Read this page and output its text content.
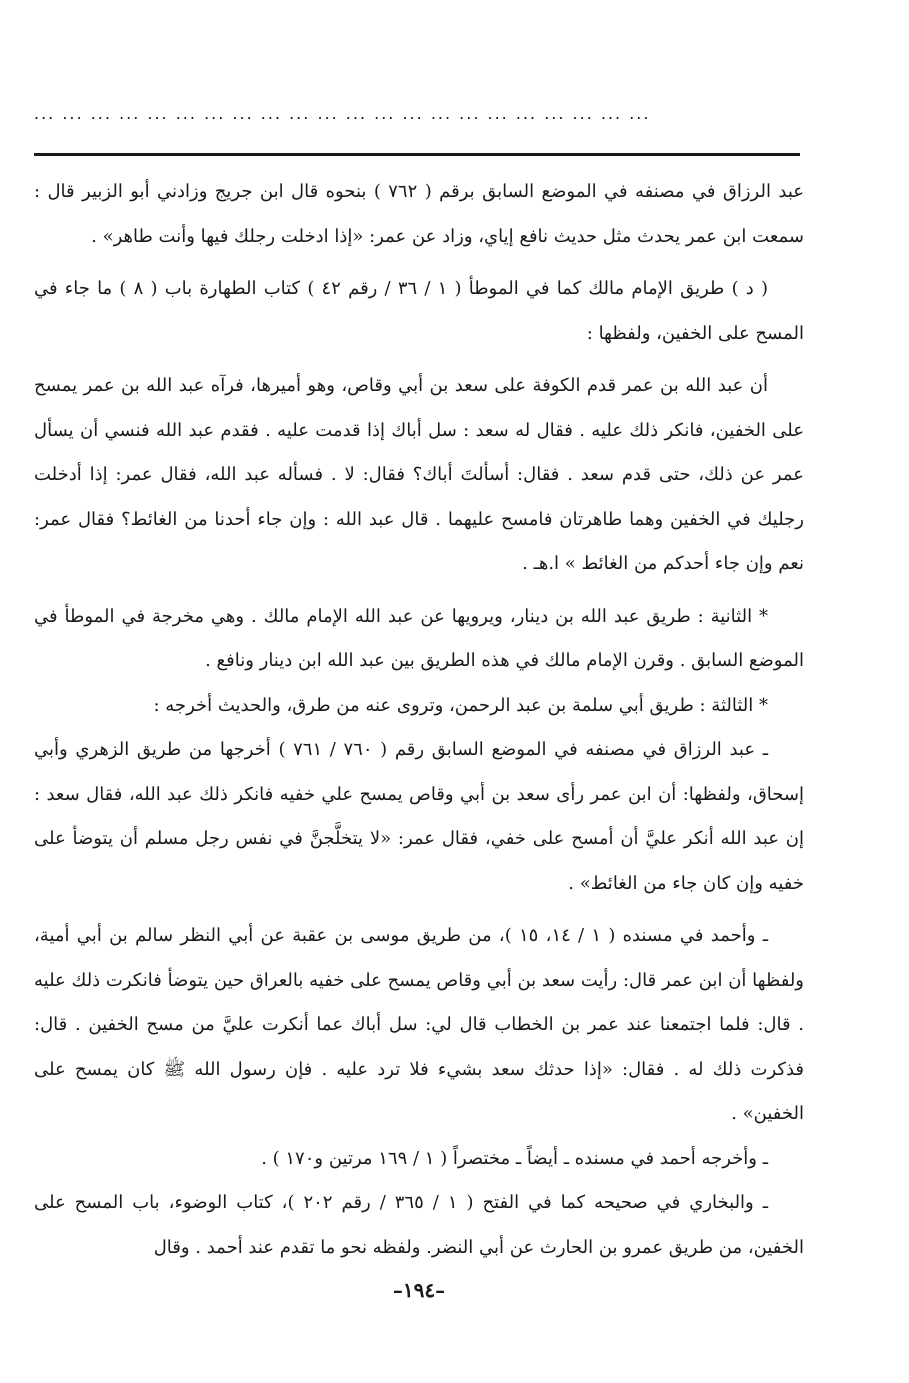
... ... ... ... ... ... ... ... ... ... ... ... ... ... ... ... ... ... ... ... ... ...

عبد الرزاق في مصنفه في الموضع السابق برقم ( ٧٦٢ ) بنحوه قال ابن جريج وزادني أبو الزبير قال : سمعت ابن عمر يحدث مثل حديث نافع إياي، وزاد عن عمر: «إذا ادخلت رجلك فيها وأنت طاهر» .

( د ) طريق الإمام مالك كما في الموطأ ( ١ / ٣٦ / رقم ٤٢ ) كتاب الطهارة باب ( ٨ ) ما جاء في المسح على الخفين، ولفظها :

أن عبد الله بن عمر قدم الكوفة على سعد بن أبي وقاص، وهو أميرها، فرآه عبد الله بن عمر يمسح على الخفين، فانكر ذلك عليه . فقال له سعد : سل أباك إذا قدمت عليه . فقدم عبد الله فنسي أن يسأل عمر عن ذلك، حتى قدم سعد . فقال: أسألتَ أباك؟ فقال: لا . فسأله عبد الله، فقال عمر: إذا أدخلت رجليك في الخفين وهما طاهرتان فامسح عليهما . قال عبد الله : وإن جاء أحدنا من الغائط؟ فقال عمر: نعم وإن جاء أحدكم من الغائط » ا.هـ .

* الثانية : طريق عبد الله بن دينار، ويرويها عن عبد الله الإمام مالك . وهي مخرجة في الموطأ في الموضع السابق . وقرن الإمام مالك في هذه الطريق بين عبد الله ابن دينار ونافع .

* الثالثة : طريق أبي سلمة بن عبد الرحمن، وتروى عنه من طرق، والحديث أخرجه :

ـ عبد الرزاق في مصنفه في الموضع السابق رقم ( ٧٦٠ / ٧٦١ ) أخرجها من طريق الزهري وأبي إسحاق، ولفظها: أن ابن عمر رأى سعد بن أبي وقاص يمسح علي خفيه فانكر ذلك عبد الله، فقال سعد : إن عبد الله أنكر عليَّ أن أمسح على خفي، فقال عمر: «لا يتخلَّجنَّ في نفس رجل مسلم أن يتوضأ على خفيه وإن كان جاء من الغائط» .

ـ وأحمد في مسنده ( ١ / ١٤، ١٥ )، من طريق موسى بن عقبة عن أبي النظر سالم بن أبي أمية، ولفظها أن ابن عمر قال: رأيت سعد بن أبي وقاص يمسح على خفيه بالعراق حين يتوضأ فانكرت ذلك عليه . قال: فلما اجتمعنا عند عمر بن الخطاب قال لي: سل أباك عما أنكرت عليَّ من مسح الخفين . قال: فذكرت ذلك له . فقال: «إذا حدثك سعد بشيء فلا ترد عليه . فإن رسول الله ﷺ كان يمسح على الخفين» .

ـ وأخرجه أحمد في مسنده ـ أيضاً ـ مختصراً ( ١ / ١٦٩ مرتين و١٧٠ ) .

ـ والبخاري في صحيحه كما في الفتح ( ١ / ٣٦٥ / رقم ٢٠٢ )، كتاب الوضوء، باب المسح على الخفين، من طريق عمرو بن الحارث عن أبي النضر. ولفظه نحو ما تقدم عند أحمد . وقال

–١٩٤–
